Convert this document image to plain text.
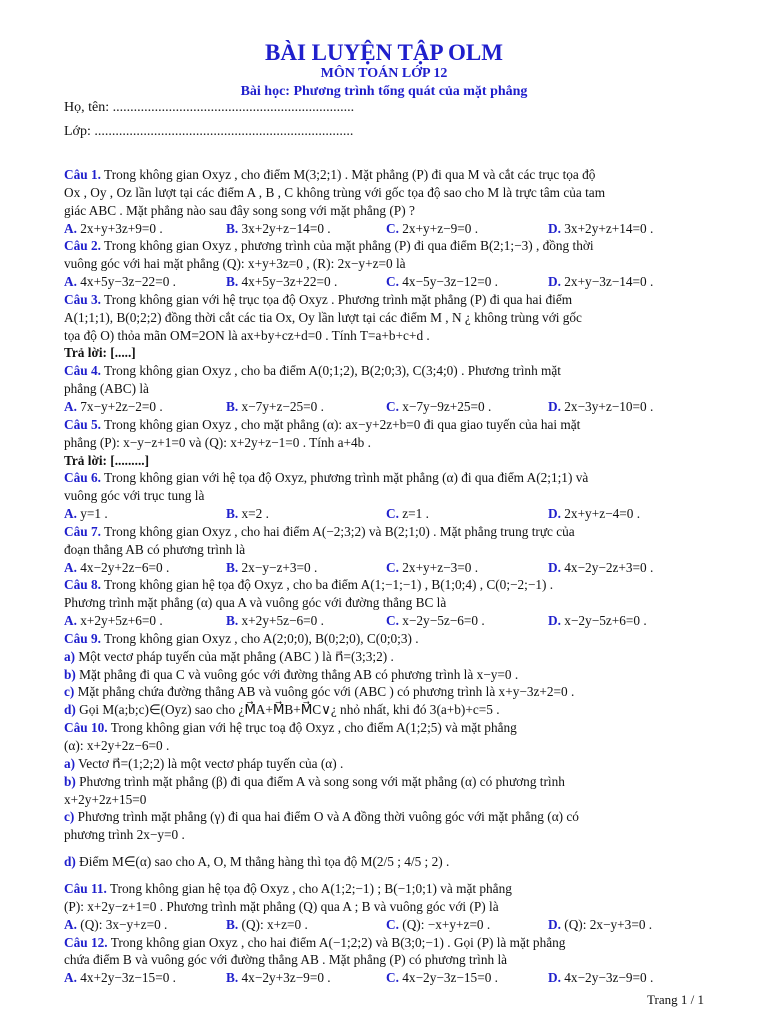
BÀI LUYỆN TẬP OLM
MÔN TOÁN LỚP 12
Bài học: Phương trình tổng quát của mặt phẳng
Họ, tên: .....................................................................
Lớp: ..........................................................................
Câu 1. Trong không gian Oxyz , cho điểm M(3;2;1) . Mặt phẳng (P) đi qua M và cắt các trục tọa độ
Ox , Oy , Oz lần lượt tại các điểm A , B , C không trùng với gốc tọa độ sao cho M là trực tâm của tam
giác ABC . Mặt phẳng nào sau đây song song với mặt phẳng (P) ?
A. 2x+y+3z+9=0 .	B. 3x+2y+z−14=0 .	C. 2x+y+z−9=0 .	D. 3x+2y+z+14=0 .
Câu 2. Trong không gian Oxyz , phương trình của mặt phẳng (P) đi qua điểm B(2;1;−3) , đồng thời
vuông góc với hai mặt phẳng (Q): x+y+3z=0 , (R): 2x−y+z=0 là
A. 4x+5y−3z−22=0 .	B. 4x+5y−3z+22=0 .	C. 4x−5y−3z−12=0 .	D. 2x+y−3z−14=0 .
Câu 3. Trong không gian với hệ trục tọa độ Oxyz . Phương trình mặt phẳng (P) đi qua hai điểm
A(1;1;1), B(0;2;2) đồng thời cắt các tia Ox, Oy lần lượt tại các điểm M , N ¿ không trùng với gốc
tọa độ O) thỏa mãn OM=2ON là ax+by+cz+d=0 . Tính T=a+b+c+d .
Trả lời: [.....]
Câu 4. Trong không gian Oxyz , cho ba điểm A(0;1;2), B(2;0;3), C(3;4;0) . Phương trình mặt
phẳng (ABC) là
A. 7x−y+2z−2=0 .	B. x−7y+z−25=0 .	C. x−7y−9z+25=0 .	D. 2x−3y+z−10=0 .
Câu 5. Trong không gian Oxyz , cho mặt phẳng (α): ax−y+2z+b=0 đi qua giao tuyến của hai mặt
phẳng (P): x−y−z+1=0 và (Q): x+2y+z−1=0 . Tính a+4b .
Trả lời: [.........]
Câu 6. Trong không gian với hệ tọa độ Oxyz, phương trình mặt phẳng (α) đi qua điểm A(2;1;1) và
vuông góc với trục tung là
A. y=1 .	B. x=2 .	C. z=1 .	D. 2x+y+z−4=0 .
Câu 7. Trong không gian Oxyz , cho hai điểm A(−2;3;2) và B(2;1;0) . Mặt phẳng trung trực của
đoạn thẳng AB có phương trình là
A. 4x−2y+2z−6=0 .	B. 2x−y−z+3=0 .	C. 2x+y+z−3=0 .	D. 4x−2y−2z+3=0 .
Câu 8. Trong không gian hệ tọa độ Oxyz , cho ba điểm A(1;−1;−1) , B(1;0;4) , C(0;−2;−1) .
Phương trình mặt phẳng (α) qua A và vuông góc với đường thẳng BC là
A. x+2y+5z+6=0 .	B. x+2y+5z−6=0 .	C. x−2y−5z−6=0 .	D. x−2y−5z+6=0 .
Câu 9. Trong không gian Oxyz , cho A(2;0;0), B(0;2;0), C(0;0;3) .
a) Một vectơ pháp tuyến của mặt phẳng (ABC ) là n⃗=(3;3;2) .
b) Mặt phẳng đi qua C và vuông góc với đường thẳng AB có phương trình là x−y=0 .
c) Mặt phẳng chứa đường thẳng AB và vuông góc với (ABC ) có phương trình là x+y−3z+2=0 .
d) Gọi M(a;b;c)∈(Oyz) sao cho ¿M⃗A+M⃗B+M⃗C∨¿ nhỏ nhất, khi đó 3(a+b)+c=5 .
Câu 10. Trong không gian với hệ trục toạ độ Oxyz , cho điểm A(1;2;5) và mặt phẳng
(α): x+2y+2z−6=0 .
a) Vectơ n⃗=(1;2;2) là một vectơ pháp tuyến của (α) .
b) Phương trình mặt phẳng (β) đi qua điểm A và song song với mặt phẳng (α) có phương trình
x+2y+2z+15=0
c) Phương trình mặt phẳng (γ) đi qua hai điểm O và A đồng thời vuông góc với mặt phẳng (α) có
phương trình 2x−y=0 .
d) Điểm M∈(α) sao cho A, O, M thẳng hàng thì tọa độ M(2/5 ; 4/5 ; 2) .
Câu 11. Trong không gian hệ tọa độ Oxyz , cho A(1;2;−1) ; B(−1;0;1) và mặt phẳng
(P): x+2y−z+1=0 . Phương trình mặt phẳng (Q) qua A ; B và vuông góc với (P) là
A. (Q): 3x−y+z=0 .	B. (Q): x+z=0 .	C. (Q): −x+y+z=0 .	D. (Q): 2x−y+3=0 .
Câu 12. Trong không gian Oxyz , cho hai điểm A(−1;2;2) và B(3;0;−1) . Gọi (P) là mặt phẳng
chứa điểm B và vuông góc với đường thẳng AB . Mặt phẳng (P) có phương trình là
A. 4x+2y−3z−15=0 .	B. 4x−2y+3z−9=0 .	C. 4x−2y−3z−15=0 .	D. 4x−2y−3z−9=0 .
Trang 1 / 1
